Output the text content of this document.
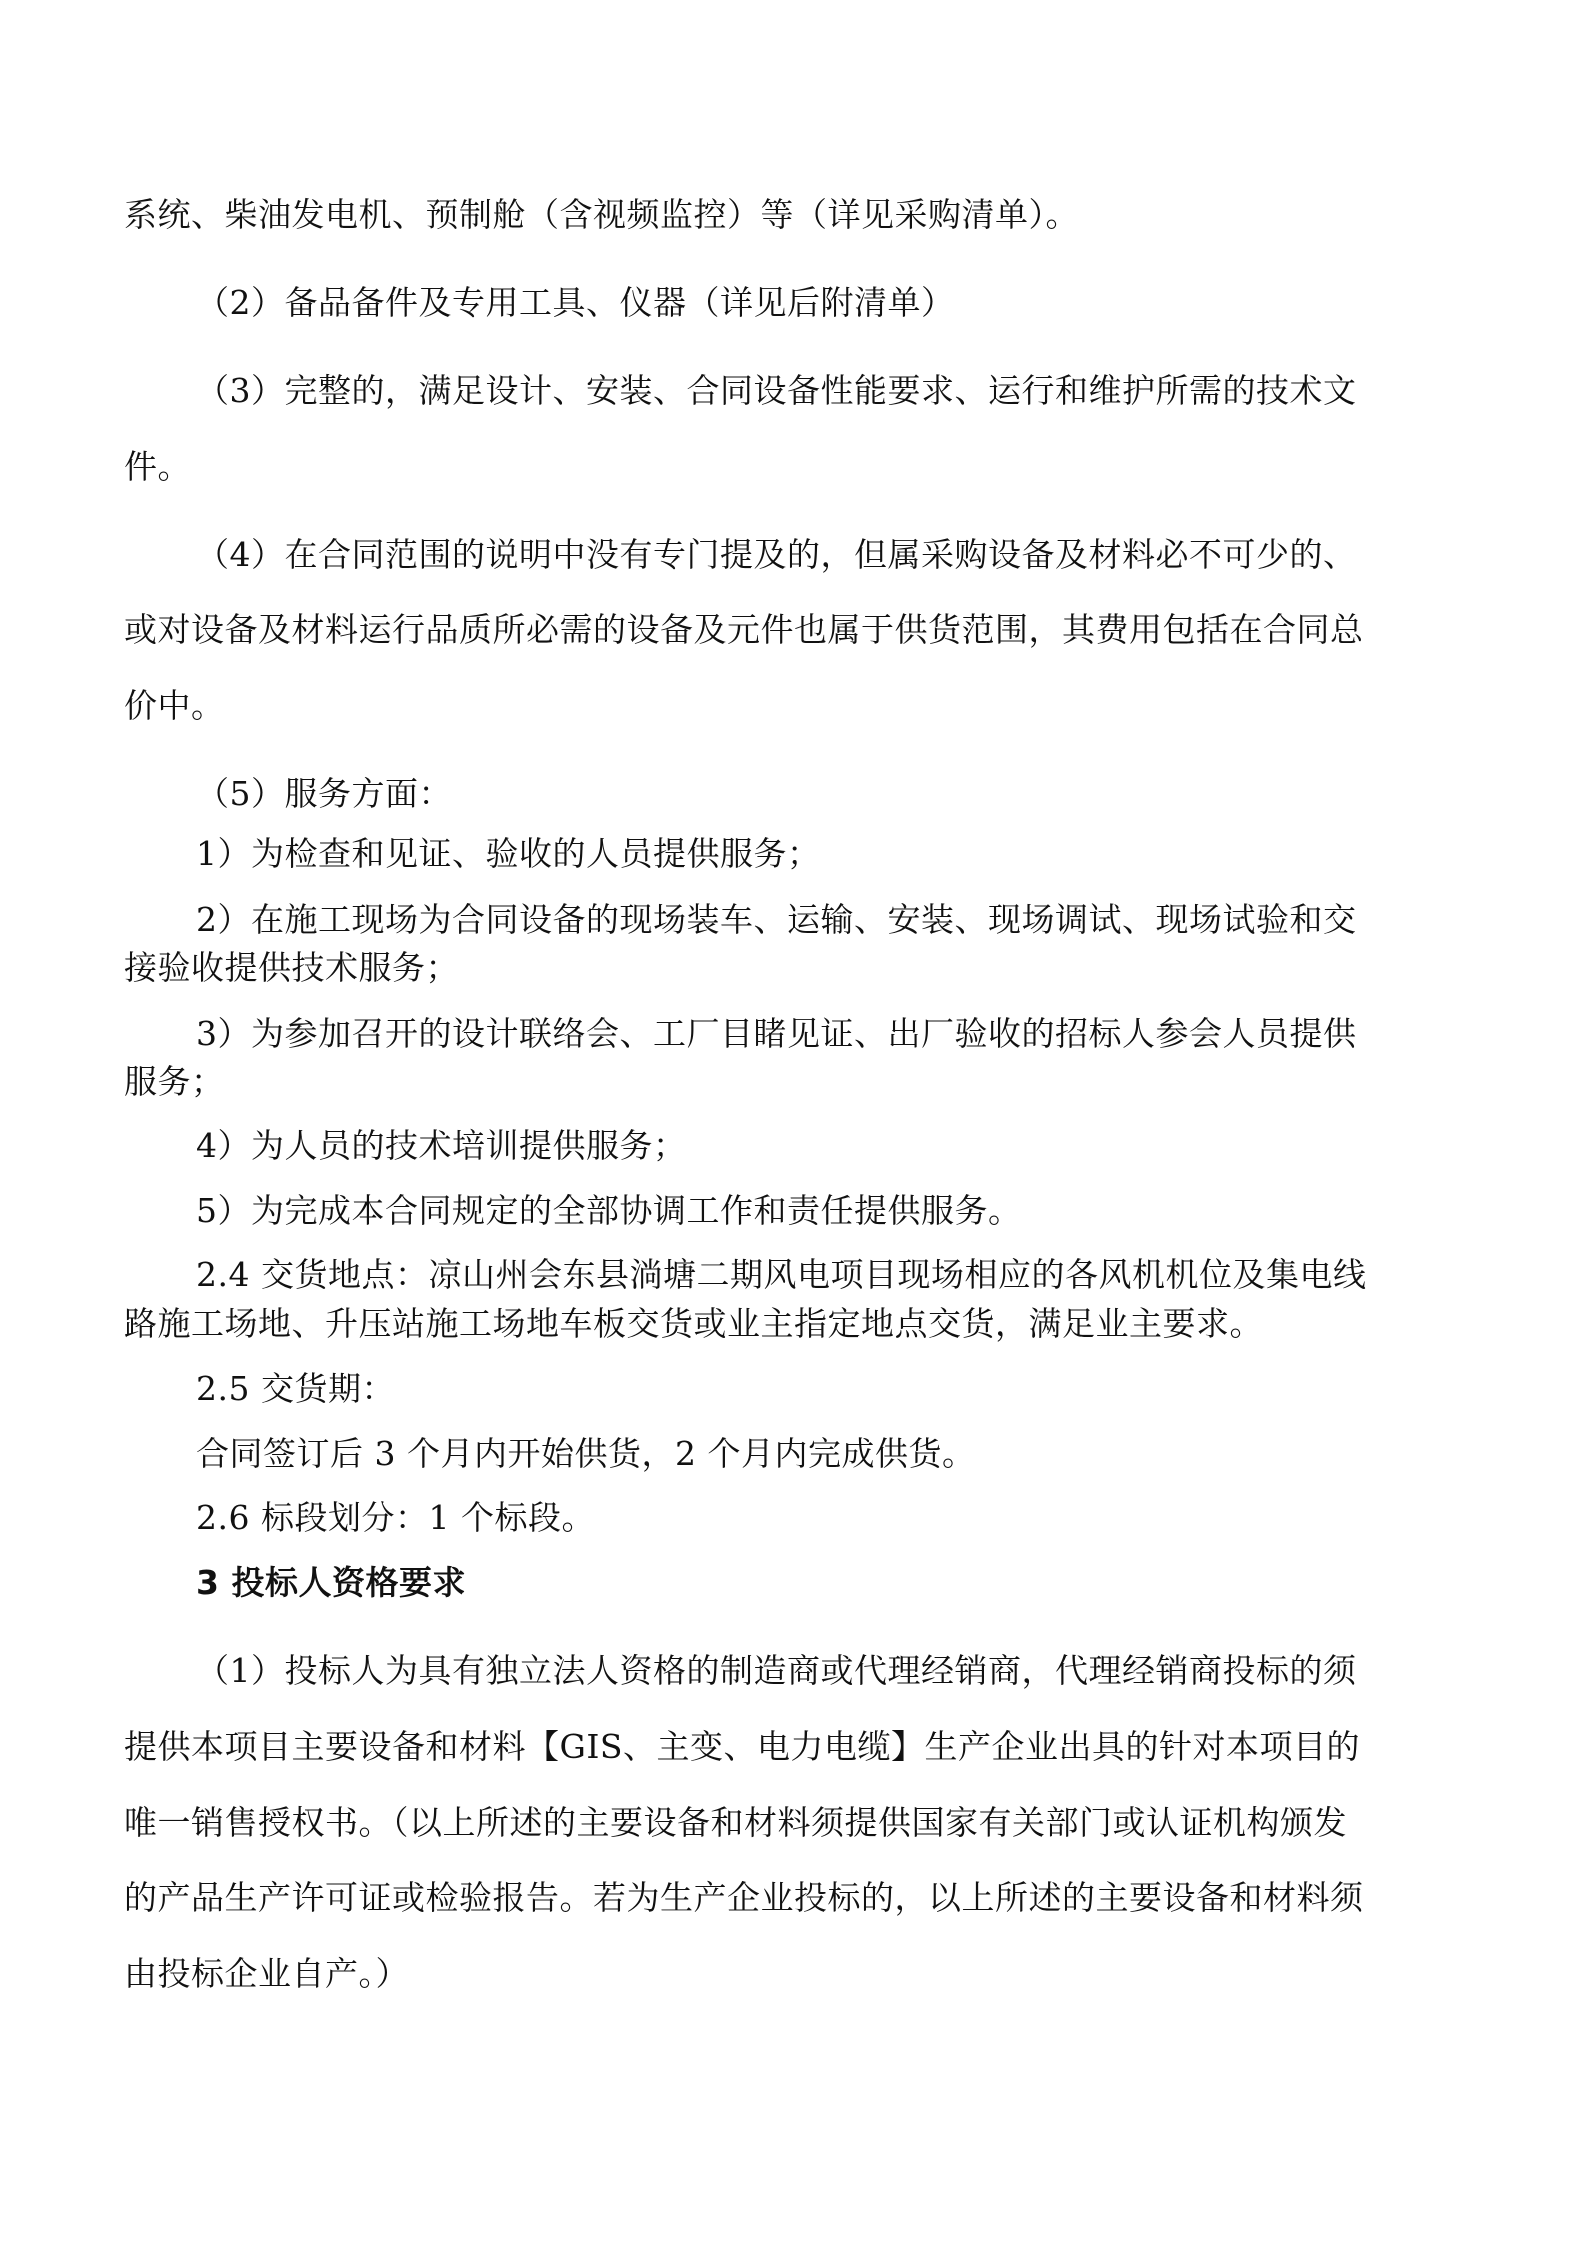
系统、柴油发电机、预制舱（含视频监控）等（详见采购清单）。
（2）备品备件及专用工具、仪器（详见后附清单）
（3）完整的，满足设计、安装、合同设备性能要求、运行和维护所需的技术文
件。
（4）在合同范围的说明中没有专门提及的，但属采购设备及材料必不可少的、
或对设备及材料运行品质所必需的设备及元件也属于供货范围，其费用包括在合同总
价中。
（5）服务方面：
1）为检查和见证、验收的人员提供服务；
2）在施工现场为合同设备的现场装车、运输、安装、现场调试、现场试验和交
接验收提供技术服务；
3）为参加召开的设计联络会、工厂目睹见证、出厂验收的招标人参会人员提供
服务；
4）为人员的技术培训提供服务；
5）为完成本合同规定的全部协调工作和责任提供服务。
2.4 交货地点：凉山州会东县淌塘二期风电项目现场相应的各风机机位及集电线
路施工场地、升压站施工场地车板交货或业主指定地点交货，满足业主要求。
2.5 交货期：
合同签订后 3 个月内开始供货，2 个月内完成供货。
2.6 标段划分：1 个标段。
3 投标人资格要求
（1）投标人为具有独立法人资格的制造商或代理经销商，代理经销商投标的须
提供本项目主要设备和材料【GIS、主变、电力电缆】生产企业出具的针对本项目的
唯一销售授权书。（以上所述的主要设备和材料须提供国家有关部门或认证机构颁发
的产品生产许可证或检验报告。若为生产企业投标的，以上所述的主要设备和材料须
由投标企业自产。）
